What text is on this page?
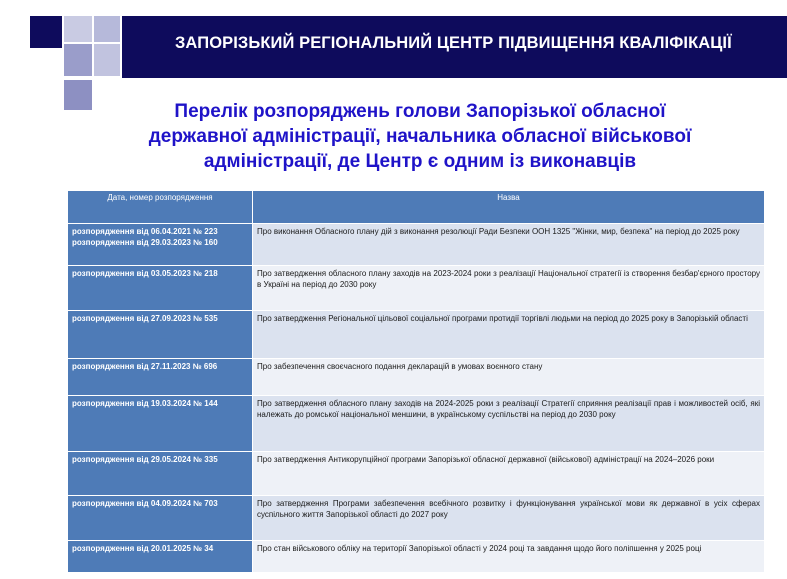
ЗАПОРІЗЬКИЙ РЕГІОНАЛЬНИЙ ЦЕНТР ПІДВИЩЕННЯ КВАЛІФІКАЦІЇ
Перелік розпоряджень голови Запорізької обласної
державної адміністрації, начальника обласної військової
адміністрації, де Центр є одним із виконавців
Дата, номер розпорядження	Назва
розпорядження від 06.04.2021 № 223
розпорядження від 29.03.2023 № 160	Про виконання Обласного плану дій з виконання резолюції Ради Безпеки ООН 1325 "Жінки, мир, безпека" на період до 2025 року
розпорядження від 03.05.2023 № 218	Про затвердження обласного плану заходів на 2023-2024 роки з реалізації Національної стратегії із створення безбар'єрного простору в Україні на період до 2030 року
розпорядження від 27.09.2023 № 535	Про затвердження Регіональної цільової соціальної програми протидії торгівлі людьми на період до 2025 року в Запорізькій області
розпорядження від 27.11.2023 № 696	Про забезпечення своєчасного подання декларацій в умовах воєнного стану
розпорядження від 19.03.2024 № 144	Про затвердження обласного плану заходів на 2024-2025 роки з реалізації Стратегії сприяння реалізації прав і можливостей осіб, які належать до ромської національної меншини, в українському суспільстві на період до 2030 року
розпорядження від 29.05.2024 № 335	Про затвердження Антикорупційної програми Запорізької обласної державної (військової) адміністрації на 2024–2026 роки
розпорядження від 04.09.2024 № 703	Про затвердження Програми забезпечення всебічного розвитку і функціонування української мови як державної в усіх сферах суспільного життя Запорізької області до 2027 року
розпорядження від 20.01.2025 № 34	Про стан військового обліку на території Запорізької області у 2024 році та завдання щодо його поліпшення у 2025 році
